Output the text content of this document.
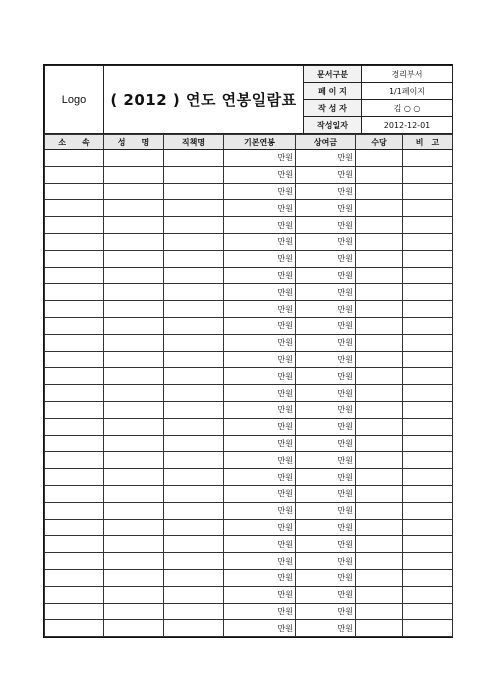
Logo	( 2012 ) 연도 연봉일람표	문서구분	경리부서
		페 이 지	1/1페이지
		작 성 자	김 ○ ○
		작성일자	2012-12-01
소　　속	성　　명	직책명	기본연봉	상여금	수당	비　고
			만원	만원		
			만원	만원		
			만원	만원		
			만원	만원		
			만원	만원		
			만원	만원		
			만원	만원		
			만원	만원		
			만원	만원		
			만원	만원		
			만원	만원		
			만원	만원		
			만원	만원		
			만원	만원		
			만원	만원		
			만원	만원		
			만원	만원		
			만원	만원		
			만원	만원		
			만원	만원		
			만원	만원		
			만원	만원		
			만원	만원		
			만원	만원		
			만원	만원		
			만원	만원		
			만원	만원		
			만원	만원		
			만원	만원		
